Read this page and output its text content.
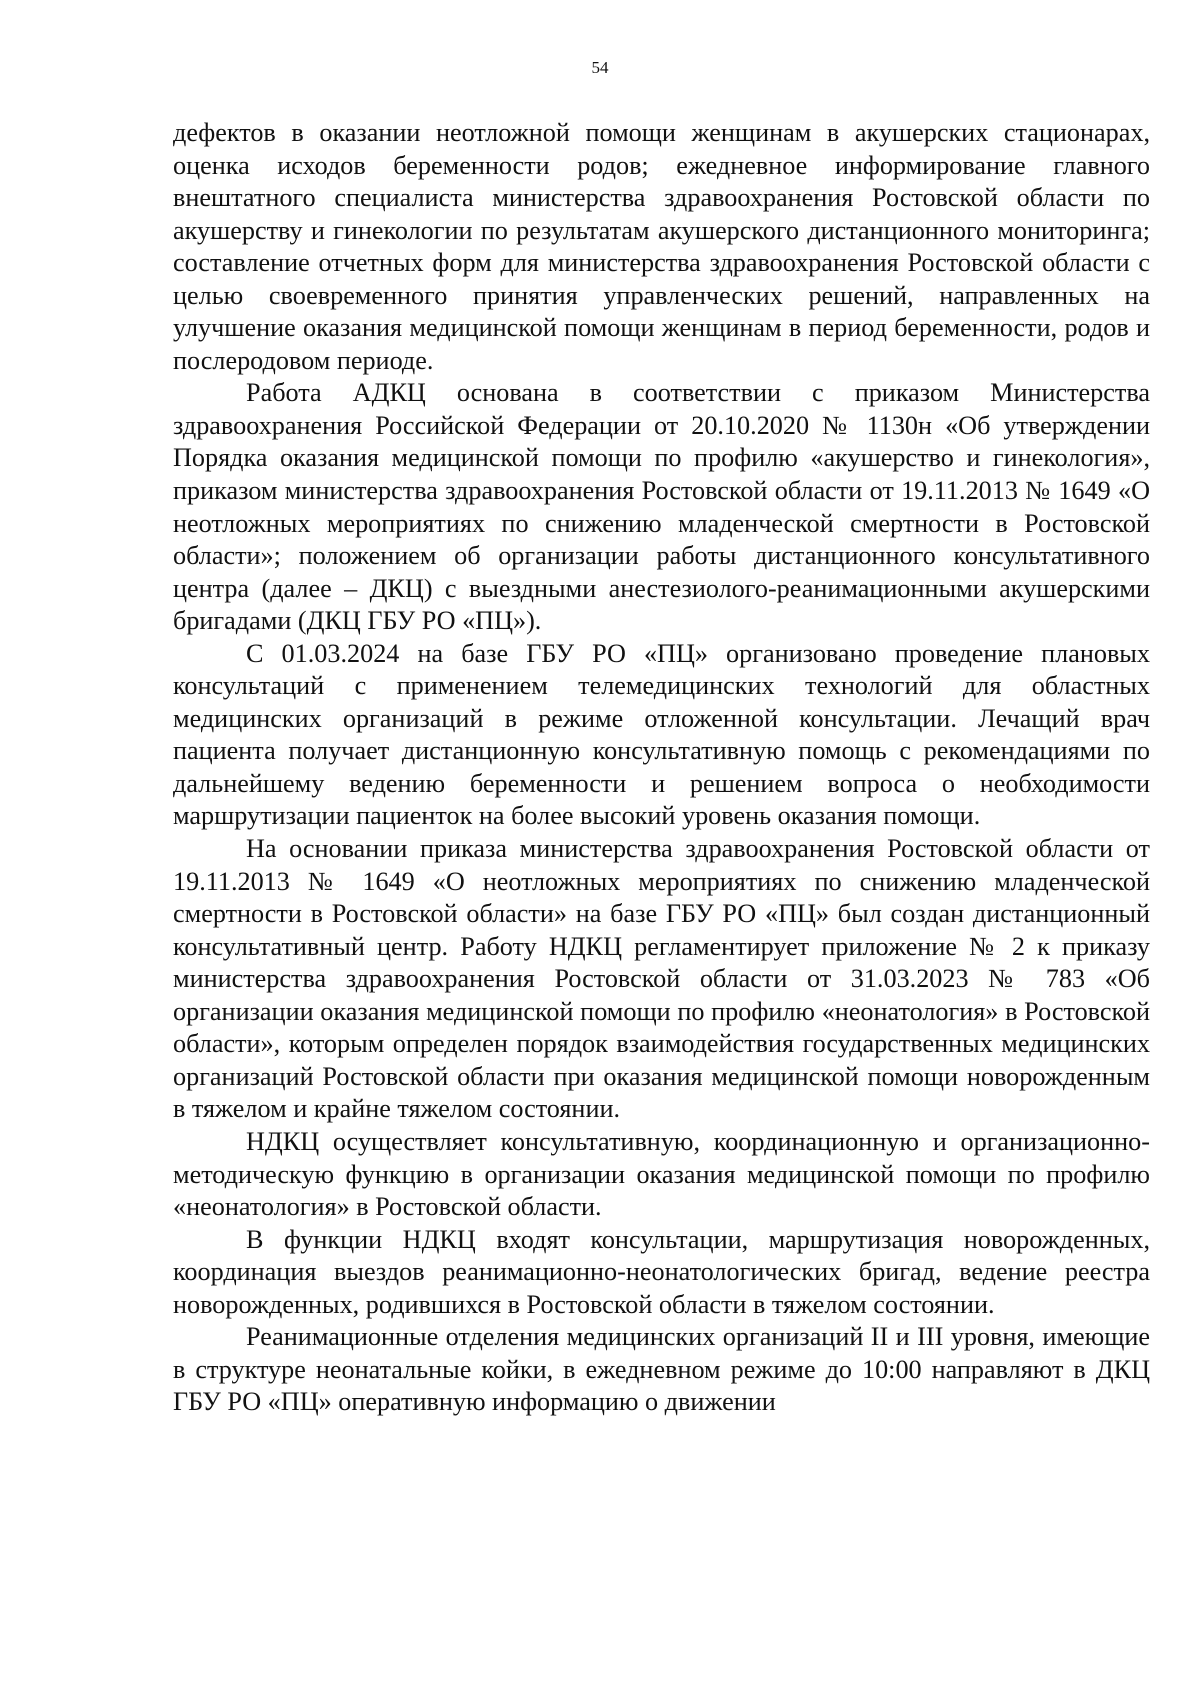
54

дефектов в оказании неотложной помощи женщинам в акушерских стационарах, оценка исходов беременности родов; ежедневное информирование главного внештатного специалиста министерства здравоохранения Ростовской области по акушерству и гинекологии по результатам акушерского дистанционного мониторинга; составление отчетных форм для министерства здравоохранения Ростовской области с целью своевременного принятия управленческих решений, направленных на улучшение оказания медицинской помощи женщинам в период беременности, родов и послеродовом периоде.

Работа АДКЦ основана в соответствии с приказом Министерства здравоохранения Российской Федерации от 20.10.2020 № 1130н «Об утверждении Порядка оказания медицинской помощи по профилю «акушерство и гинекология», приказом министерства здравоохранения Ростовской области от 19.11.2013 № 1649 «О неотложных мероприятиях по снижению младенческой смертности в Ростовской области»; положением об организации работы дистанционного консультативного центра (далее – ДКЦ) с выездными анестезиолого-реанимационными акушерскими бригадами (ДКЦ ГБУ РО «ПЦ»).

С 01.03.2024 на базе ГБУ РО «ПЦ» организовано проведение плановых консультаций с применением телемедицинских технологий для областных медицинских организаций в режиме отложенной консультации. Лечащий врач пациента получает дистанционную консультативную помощь с рекомендациями по дальнейшему ведению беременности и решением вопроса о необходимости маршрутизации пациенток на более высокий уровень оказания помощи.

На основании приказа министерства здравоохранения Ростовской области от 19.11.2013 № 1649 «О неотложных мероприятиях по снижению младенческой смертности в Ростовской области» на базе ГБУ РО «ПЦ» был создан дистанционный консультативный центр. Работу НДКЦ регламентирует приложение № 2 к приказу министерства здравоохранения Ростовской области от 31.03.2023 № 783 «Об организации оказания медицинской помощи по профилю «неонатология» в Ростовской области», которым определен порядок взаимодействия государственных медицинских организаций Ростовской области при оказания медицинской помощи новорожденным в тяжелом и крайне тяжелом состоянии.

НДКЦ осуществляет консультативную, координационную и организационно-методическую функцию в организации оказания медицинской помощи по профилю «неонатология» в Ростовской области.

В функции НДКЦ входят консультации, маршрутизация новорожденных, координация выездов реанимационно-неонатологических бригад, ведение реестра новорожденных, родившихся в Ростовской области в тяжелом состоянии.

Реанимационные отделения медицинских организаций II и III уровня, имеющие в структуре неонатальные койки, в ежедневном режиме до 10:00 направляют в ДКЦ ГБУ РО «ПЦ» оперативную информацию о движении
